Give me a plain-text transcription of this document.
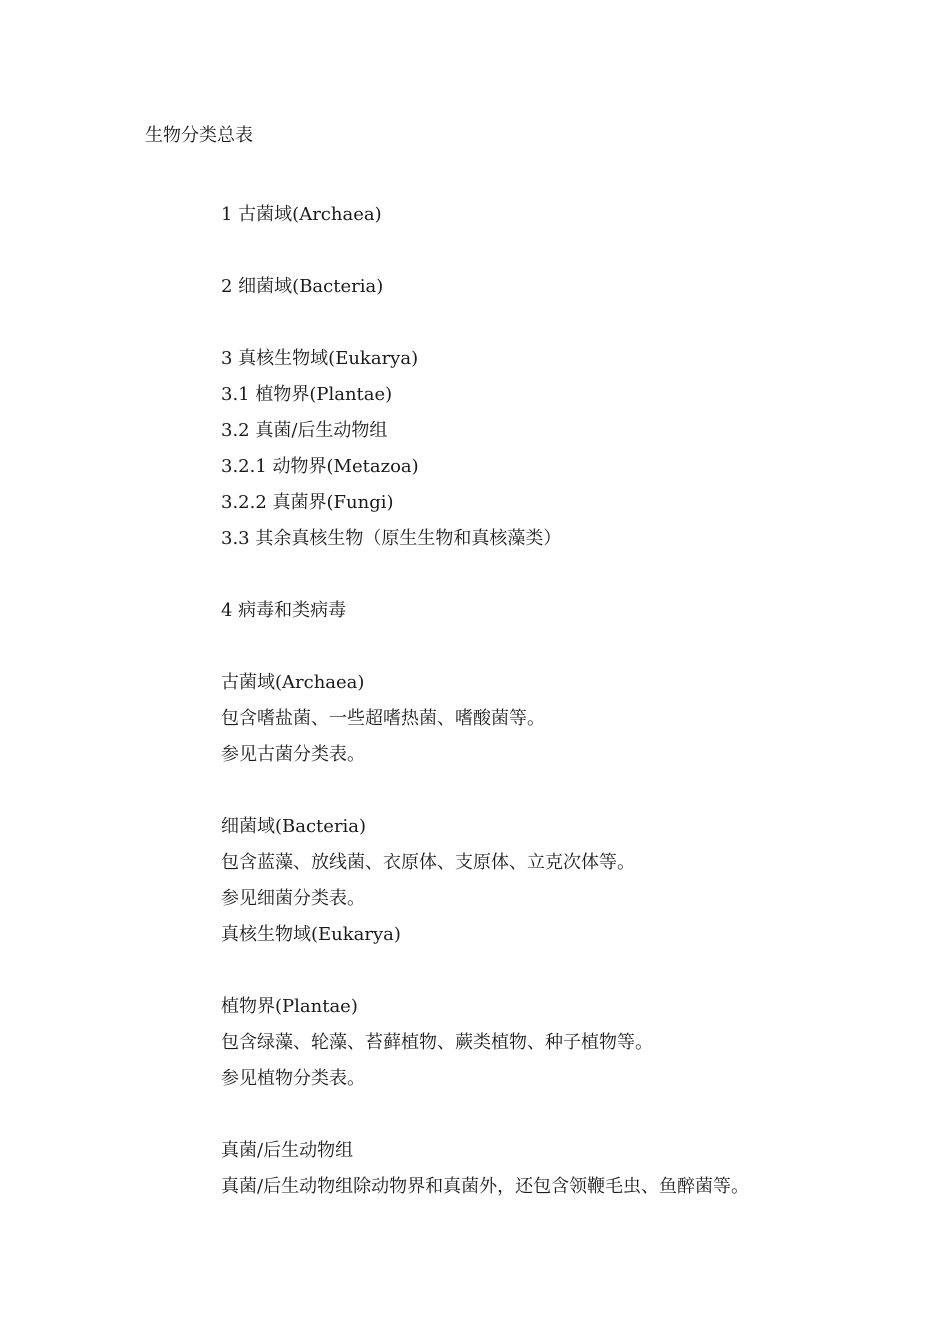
生物分类总表
1 古菌域(Archaea)
2 细菌域(Bacteria)
3 真核生物域(Eukarya)
3.1 植物界(Plantae)
3.2 真菌/后生动物组
3.2.1 动物界(Metazoa)
3.2.2 真菌界(Fungi)
3.3 其余真核生物（原生生物和真核藻类）
4 病毒和类病毒
古菌域(Archaea)
包含嗜盐菌、一些超嗜热菌、嗜酸菌等。
参见古菌分类表。
细菌域(Bacteria)
包含蓝藻、放线菌、衣原体、支原体、立克次体等。
参见细菌分类表。
真核生物域(Eukarya)
植物界(Plantae)
包含绿藻、轮藻、苔藓植物、蕨类植物、种子植物等。
参见植物分类表。
真菌/后生动物组
真菌/后生动物组除动物界和真菌外，还包含领鞭毛虫、鱼醉菌等。
